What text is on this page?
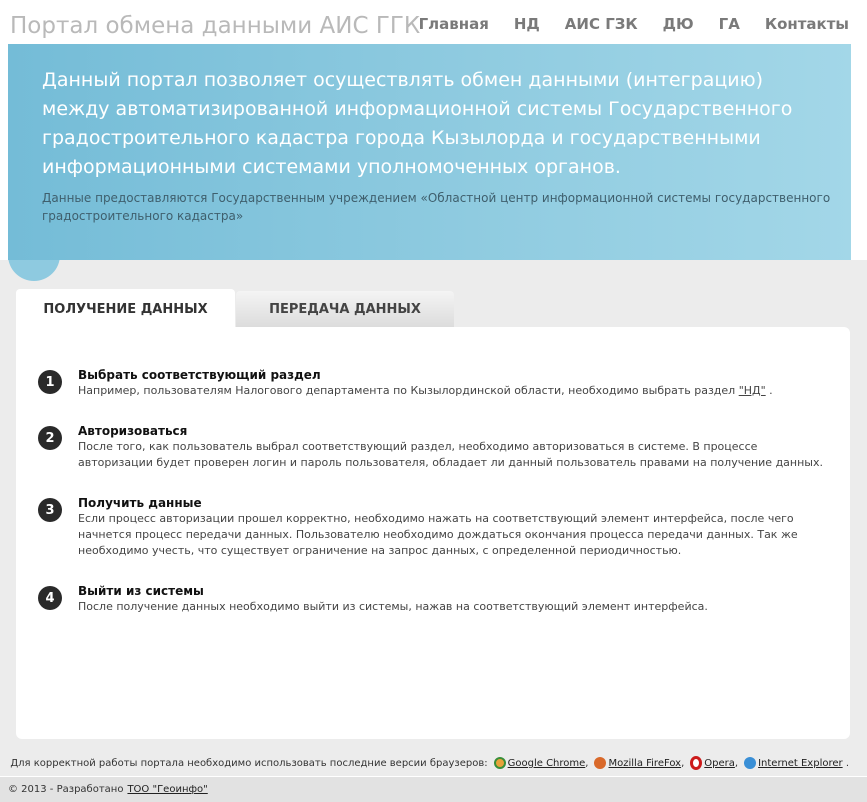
Портал обмена данными АИС ГГК
Главная НД АИС ГЗК ДЮ ГА Контакты
Данный портал позволяет осуществлять обмен данными (интеграцию) между автоматизированной информационной системы Государственного градостроительного кадастра города Кызылорда и государственными информационными системами уполномоченных органов.
Данные предоставляются Государственным учреждением «Областной центр информационной системы государственного градостроительного кадастра»
ПОЛУЧЕНИЕ ДАННЫХ	ПЕРЕДАЧА ДАННЫХ
1	Выбрать соответствующий раздел
Например, пользователям Налогового департамента по Кызылординской области, необходимо выбрать раздел "НД" .
2	Авторизоваться
После того, как пользователь выбрал соответствующий раздел, необходимо авторизоваться в системе. В процессе авторизации будет проверен логин и пароль пользователя, обладает ли данный пользователь правами на получение данных.
3	Получить данные
Если процесс авторизации прошел корректно, необходимо нажать на соответствующий элемент интерфейса, после чего начнется процесс передачи данных. Пользователю необходимо дождаться окончания процесса передачи данных. Так же необходимо учесть, что существует ограничение на запрос данных, с определенной периодичностью.
4	Выйти из системы
После получение данных необходимо выйти из системы, нажав на соответствующий элемент интерфейса.
Для корректной работы портала необходимо использовать последние версии браузеров: Google Chrome , Mozilla FireFox , Opera , Internet Explorer
.
© 2013 - Разработано ТОО "Геоинфо"
